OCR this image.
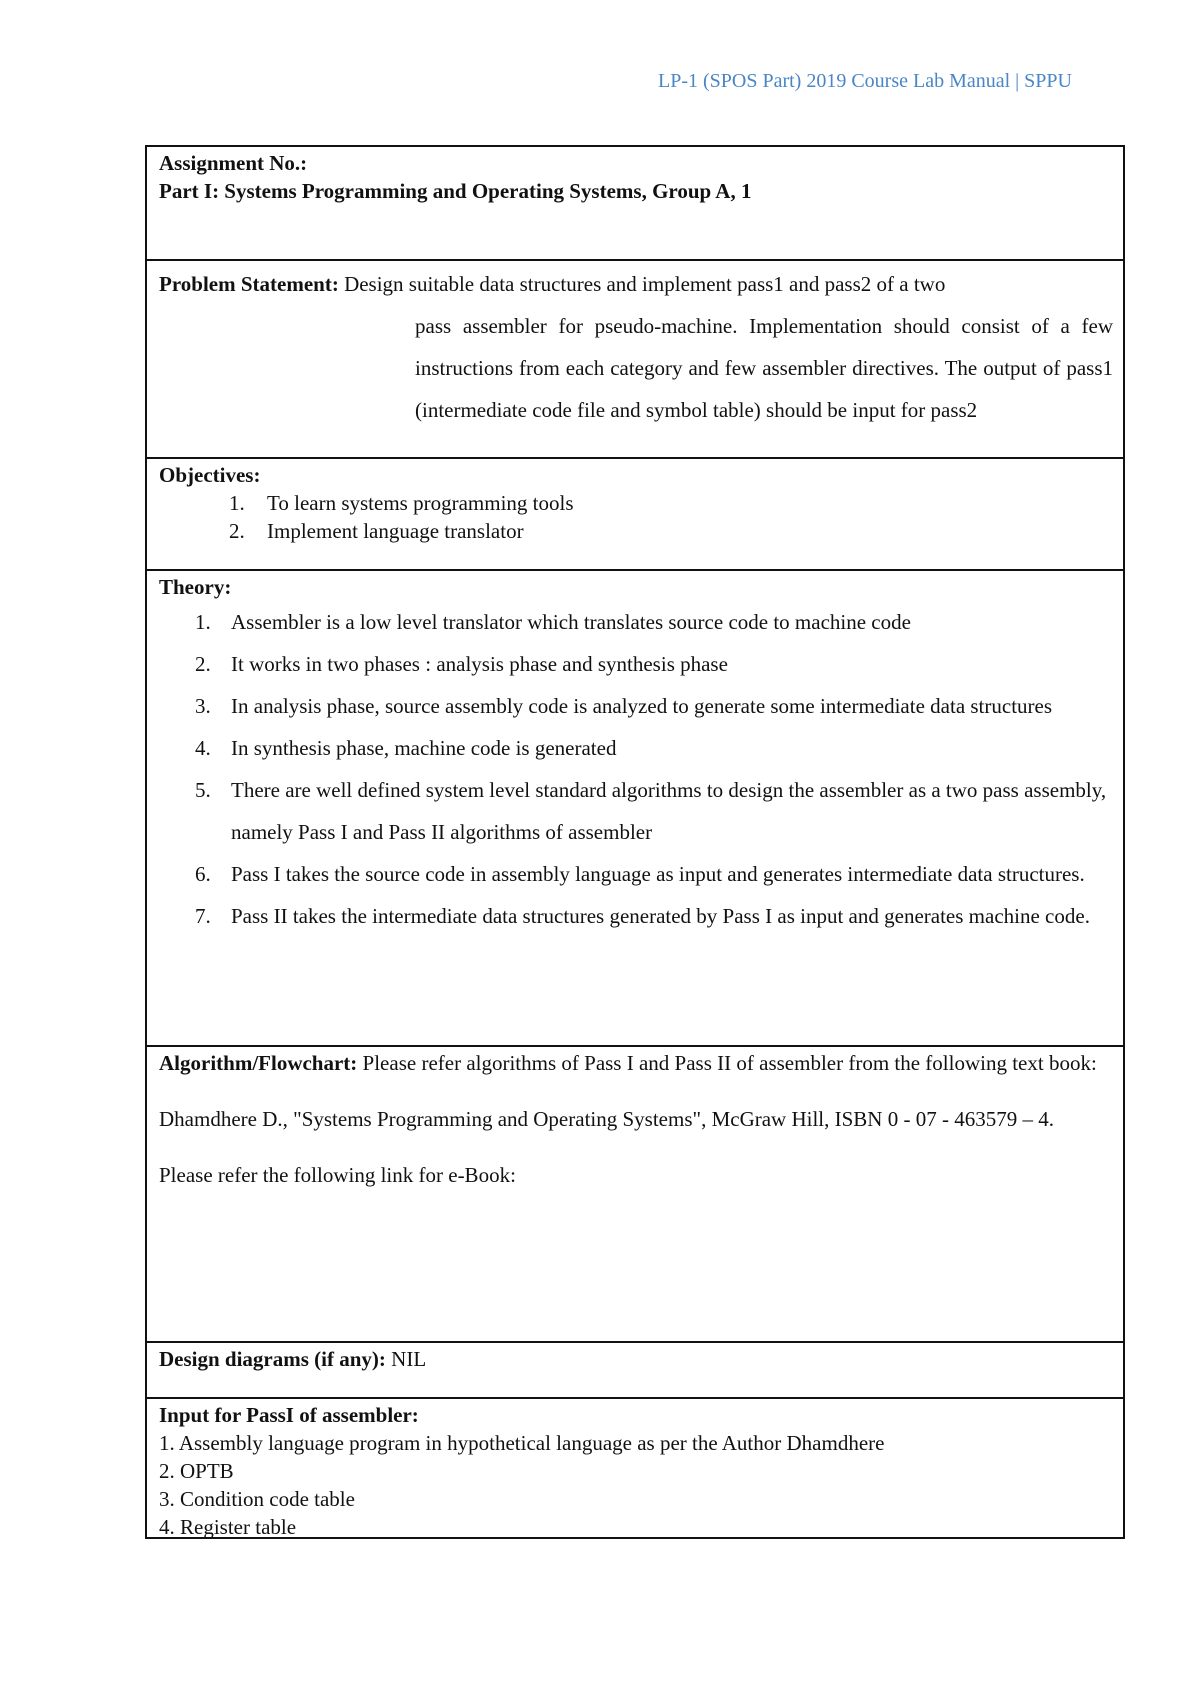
LP-1 (SPOS Part) 2019 Course Lab Manual | SPPU
Assignment No.:
Part I: Systems Programming and Operating Systems, Group A, 1
Problem Statement: Design suitable data structures and implement pass1 and pass2 of a two
pass assembler for pseudo-machine. Implementation should consist of a few instructions from each category and few assembler directives. The output of pass1 (intermediate code file and symbol table) should be input for pass2
Objectives:
1. To learn systems programming tools
2. Implement language translator
Theory:
1. Assembler is a low level translator which translates source code to machine code
2. It works in two phases : analysis phase and synthesis phase
3. In analysis phase, source assembly code is analyzed to generate some intermediate data structures
4. In synthesis phase, machine code is generated
5. There are well defined system level standard algorithms to design the assembler as a two pass assembly, namely Pass I and Pass II algorithms of assembler
6. Pass I takes the source code in assembly language as input and generates intermediate data structures.
7. Pass II takes the intermediate data structures generated by Pass I as input and generates machine code.
Algorithm/Flowchart: Please refer algorithms of Pass I and Pass II of assembler from the following text book:
Dhamdhere D., "Systems Programming and Operating Systems", McGraw Hill, ISBN 0 - 07 - 463579 – 4.
Please refer the following link for e-Book:
Design diagrams (if any): NIL
Input for PassI of assembler:
1. Assembly language program in hypothetical language as per the Author Dhamdhere
2. OPTB
3. Condition code table
4. Register table
